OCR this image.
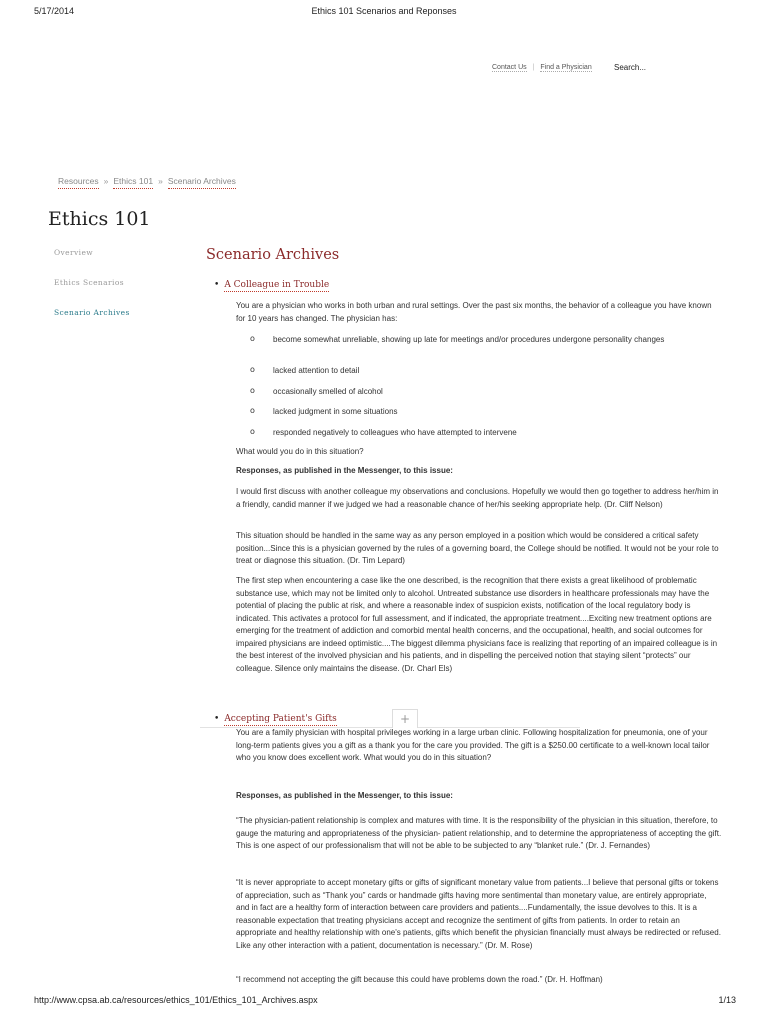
5/17/2014	Ethics 101 Scenarios and Reponses
http://www.cpsa.ab.ca/resources/ethics_101/Ethics_101_Archives.aspx	1/13
Contact Us | Find a Physician	Search...
Resources » Ethics 101 » Scenario Archives
Ethics 101
Overview
Ethics Scenarios
Scenario Archives
Scenario Archives
• A Colleague in Trouble

You are a physician who works in both urban and rural settings. Over the past six months, the behavior of a colleague you have known for 10 years has changed. The physician has:

o become somewhat unreliable, showing up late for meetings and/or procedures undergone personality changes
o lacked attention to detail
o occasionally smelled of alcohol
o lacked judgment in some situations
o responded negatively to colleagues who have attempted to intervene

What would you do in this situation?

Responses, as published in the Messenger, to this issue:

I would first discuss with another colleague my observations and conclusions. Hopefully we would then go together to address her/him in a friendly, candid manner if we judged we had a reasonable chance of her/his seeking appropriate help. (Dr. Cliff Nelson)

This situation should be handled in the same way as any person employed in a position which would be considered a critical safety position...Since this is a physician governed by the rules of a governing board, the College should be notified. It would not be your role to treat or diagnose this situation. (Dr. Tim Lepard)

The first step when encountering a case like the one described, is the recognition that there exists a great likelihood of problematic substance use, which may not be limited only to alcohol. Untreated substance use disorders in healthcare professionals may have the potential of placing the public at risk, and where a reasonable index of suspicion exists, notification of the local regulatory body is indicated. This activates a protocol for full assessment, and if indicated, the appropriate treatment....Exciting new treatment options are emerging for the treatment of addiction and comorbid mental health concerns, and the occupational, health, and social outcomes for impaired physicians are indeed optimistic....The biggest dilemma physicians face is realizing that reporting of an impaired colleague is in the best interest of the involved physician and his patients, and in dispelling the perceived notion that staying silent “protects” our colleague. Silence only maintains the disease. (Dr. Charl Els)

• Accepting Patient's Gifts	+

You are a family physician with hospital privileges working in a large urban clinic. Following hospitalization for pneumonia, one of your long-term patients gives you a gift as a thank you for the care you provided. The gift is a $250.00 certificate to a well-known local tailor who you know does excellent work. What would you do in this situation?

Responses, as published in the Messenger, to this issue:

“The physician-patient relationship is complex and matures with time. It is the responsibility of the physician in this situation, therefore, to gauge the maturing and appropriateness of the physician- patient relationship, and to determine the appropriateness of accepting the gift. This is one aspect of our professionalism that will not be able to be subjected to any “blanket rule.” (Dr. J. Fernandes)

“It is never appropriate to accept monetary gifts or gifts of significant monetary value from patients...I believe that personal gifts or tokens of appreciation, such as “Thank you” cards or handmade gifts having more sentimental than monetary value, are entirely appropriate, and in fact are a healthy form of interaction between care providers and patients....Fundamentally, the issue devolves to this. It is a reasonable expectation that treating physicians accept and recognize the sentiment of gifts from patients. In order to retain an appropriate and healthy relationship with one's patients, gifts which benefit the physician financially must always be redirected or refused. Like any other interaction with a patient, documentation is necessary.” (Dr. M. Rose)

“I recommend not accepting the gift because this could have problems down the road.” (Dr. H. Hoffman)
